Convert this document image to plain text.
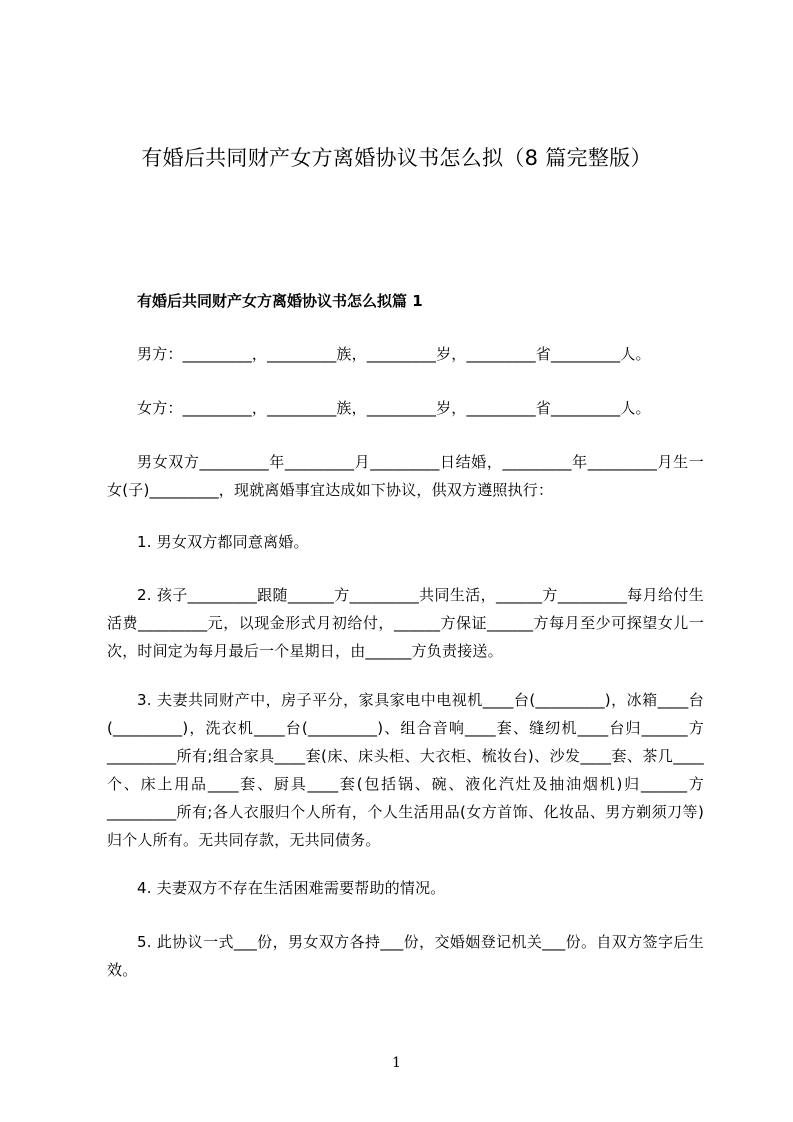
有婚后共同财产女方离婚协议书怎么拟（8 篇完整版）
有婚后共同财产女方离婚协议书怎么拟篇 1

男方：_________，_________族，_________岁，_________省_________人。

女方：_________，_________族，_________岁，_________省_________人。

男女双方_________年_________月_________日结婚，_________年_________月生一女(子)_________，现就离婚事宜达成如下协议，供双方遵照执行：

1. 男女双方都同意离婚。

2. 孩子_________跟随______方_________共同生活，______方_________每月给付生活费_________元，以现金形式月初给付，______方保证______方每月至少可探望女儿一次，时间定为每月最后一个星期日，由______方负责接送。

3. 夫妻共同财产中，房子平分，家具家电中电视机____台(_________)，冰箱____台(_________)，洗衣机____台(_________)、组合音响____套、缝纫机____台归______方_________所有;组合家具____套(床、床头柜、大衣柜、梳妆台)、沙发____套、茶几____个、床上用品____套、厨具____套(包括锅、碗、液化汽灶及抽油烟机)归______方_________所有;各人衣服归个人所有，个人生活用品(女方首饰、化妆品、男方剃须刀等)归个人所有。无共同存款，无共同债务。

4. 夫妻双方不存在生活困难需要帮助的情况。

5. 此协议一式___份，男女双方各持___份，交婚姻登记机关___份。自双方签字后生效。

1
